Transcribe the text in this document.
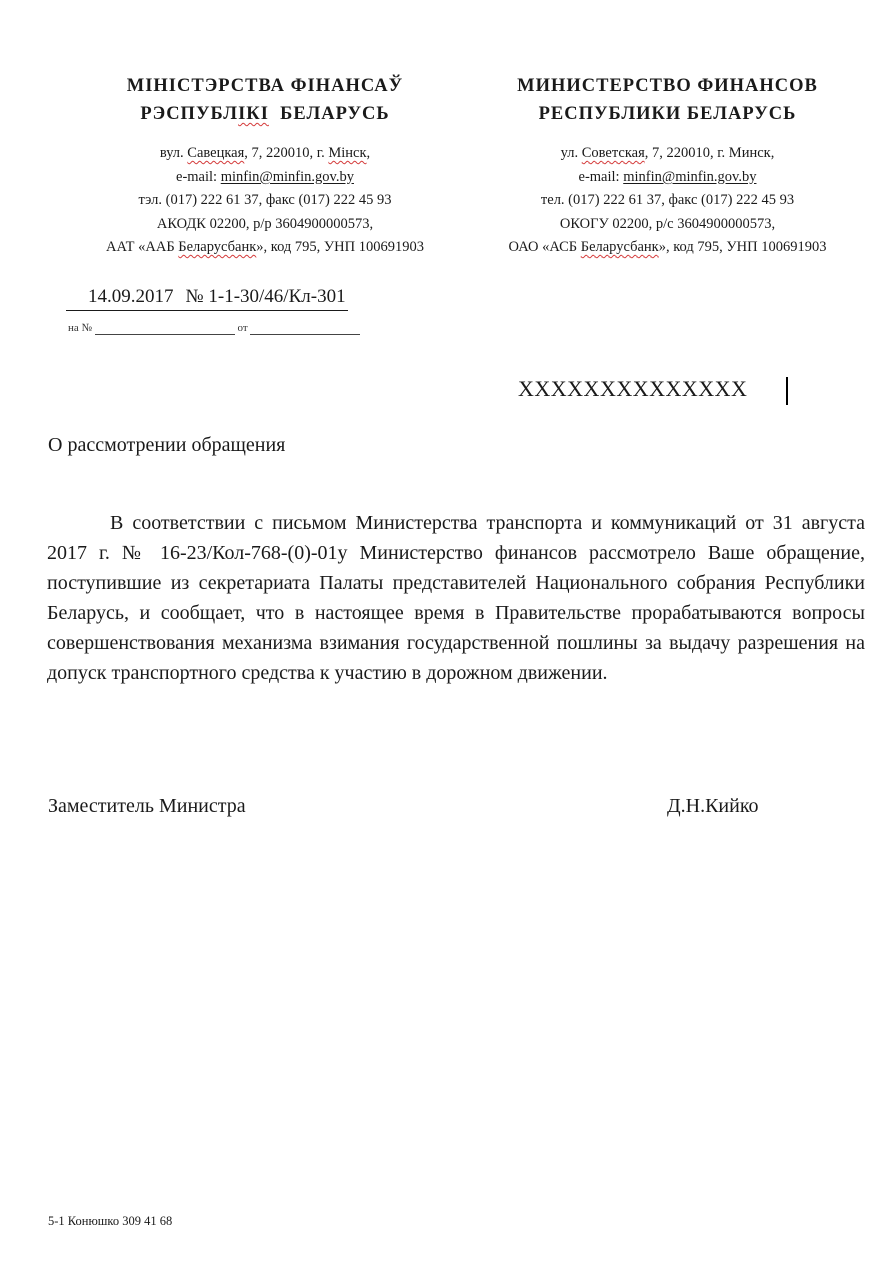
МІНІСТЭРСТВА ФІНАНСАЎ
РЭСПУБЛІКІ  БЕЛАРУСЬ
вул. Савецкая, 7, 220010, г. Мінск,
e-mail: minfin@minfin.gov.by
тэл. (017) 222 61 37, факс (017) 222 45 93
АКОДК 02200, р/р 3604900000573,
ААТ «ААБ Беларусбанк», код 795, УНП 100691903
МИНИСТЕРСТВО ФИНАНСОВ
РЕСПУБЛИКИ БЕЛАРУСЬ
ул. Советская, 7, 220010, г. Минск,
e-mail: minfin@minfin.gov.by
тел. (017) 222 61 37, факс (017) 222 45 93
ОКОГУ 02200, р/с 3604900000573,
ОАО «АСБ Беларусбанк», код 795, УНП 100691903
14.09.2017 № 1-1-30/46/Кл-301
на №	от
ХХХХХХХХХХХХХХ
О рассмотрении обращения

В соответствии с письмом Министерства транспорта и коммуникаций от 31 августа 2017 г. № 16-23/Кол-768-(0)-01у Министерство финансов рассмотрело Ваше обращение, поступившие из секретариата Палаты представителей Национального собрания Республики Беларусь, и сообщает, что в настоящее время в Правительстве прорабатываются вопросы совершенствования механизма взимания государственной пошлины за выдачу разрешения на допуск транспортного средства к участию в дорожном движении.

Заместитель Министра	Д.Н.Кийко
5-1 Конюшко 309 41 68
